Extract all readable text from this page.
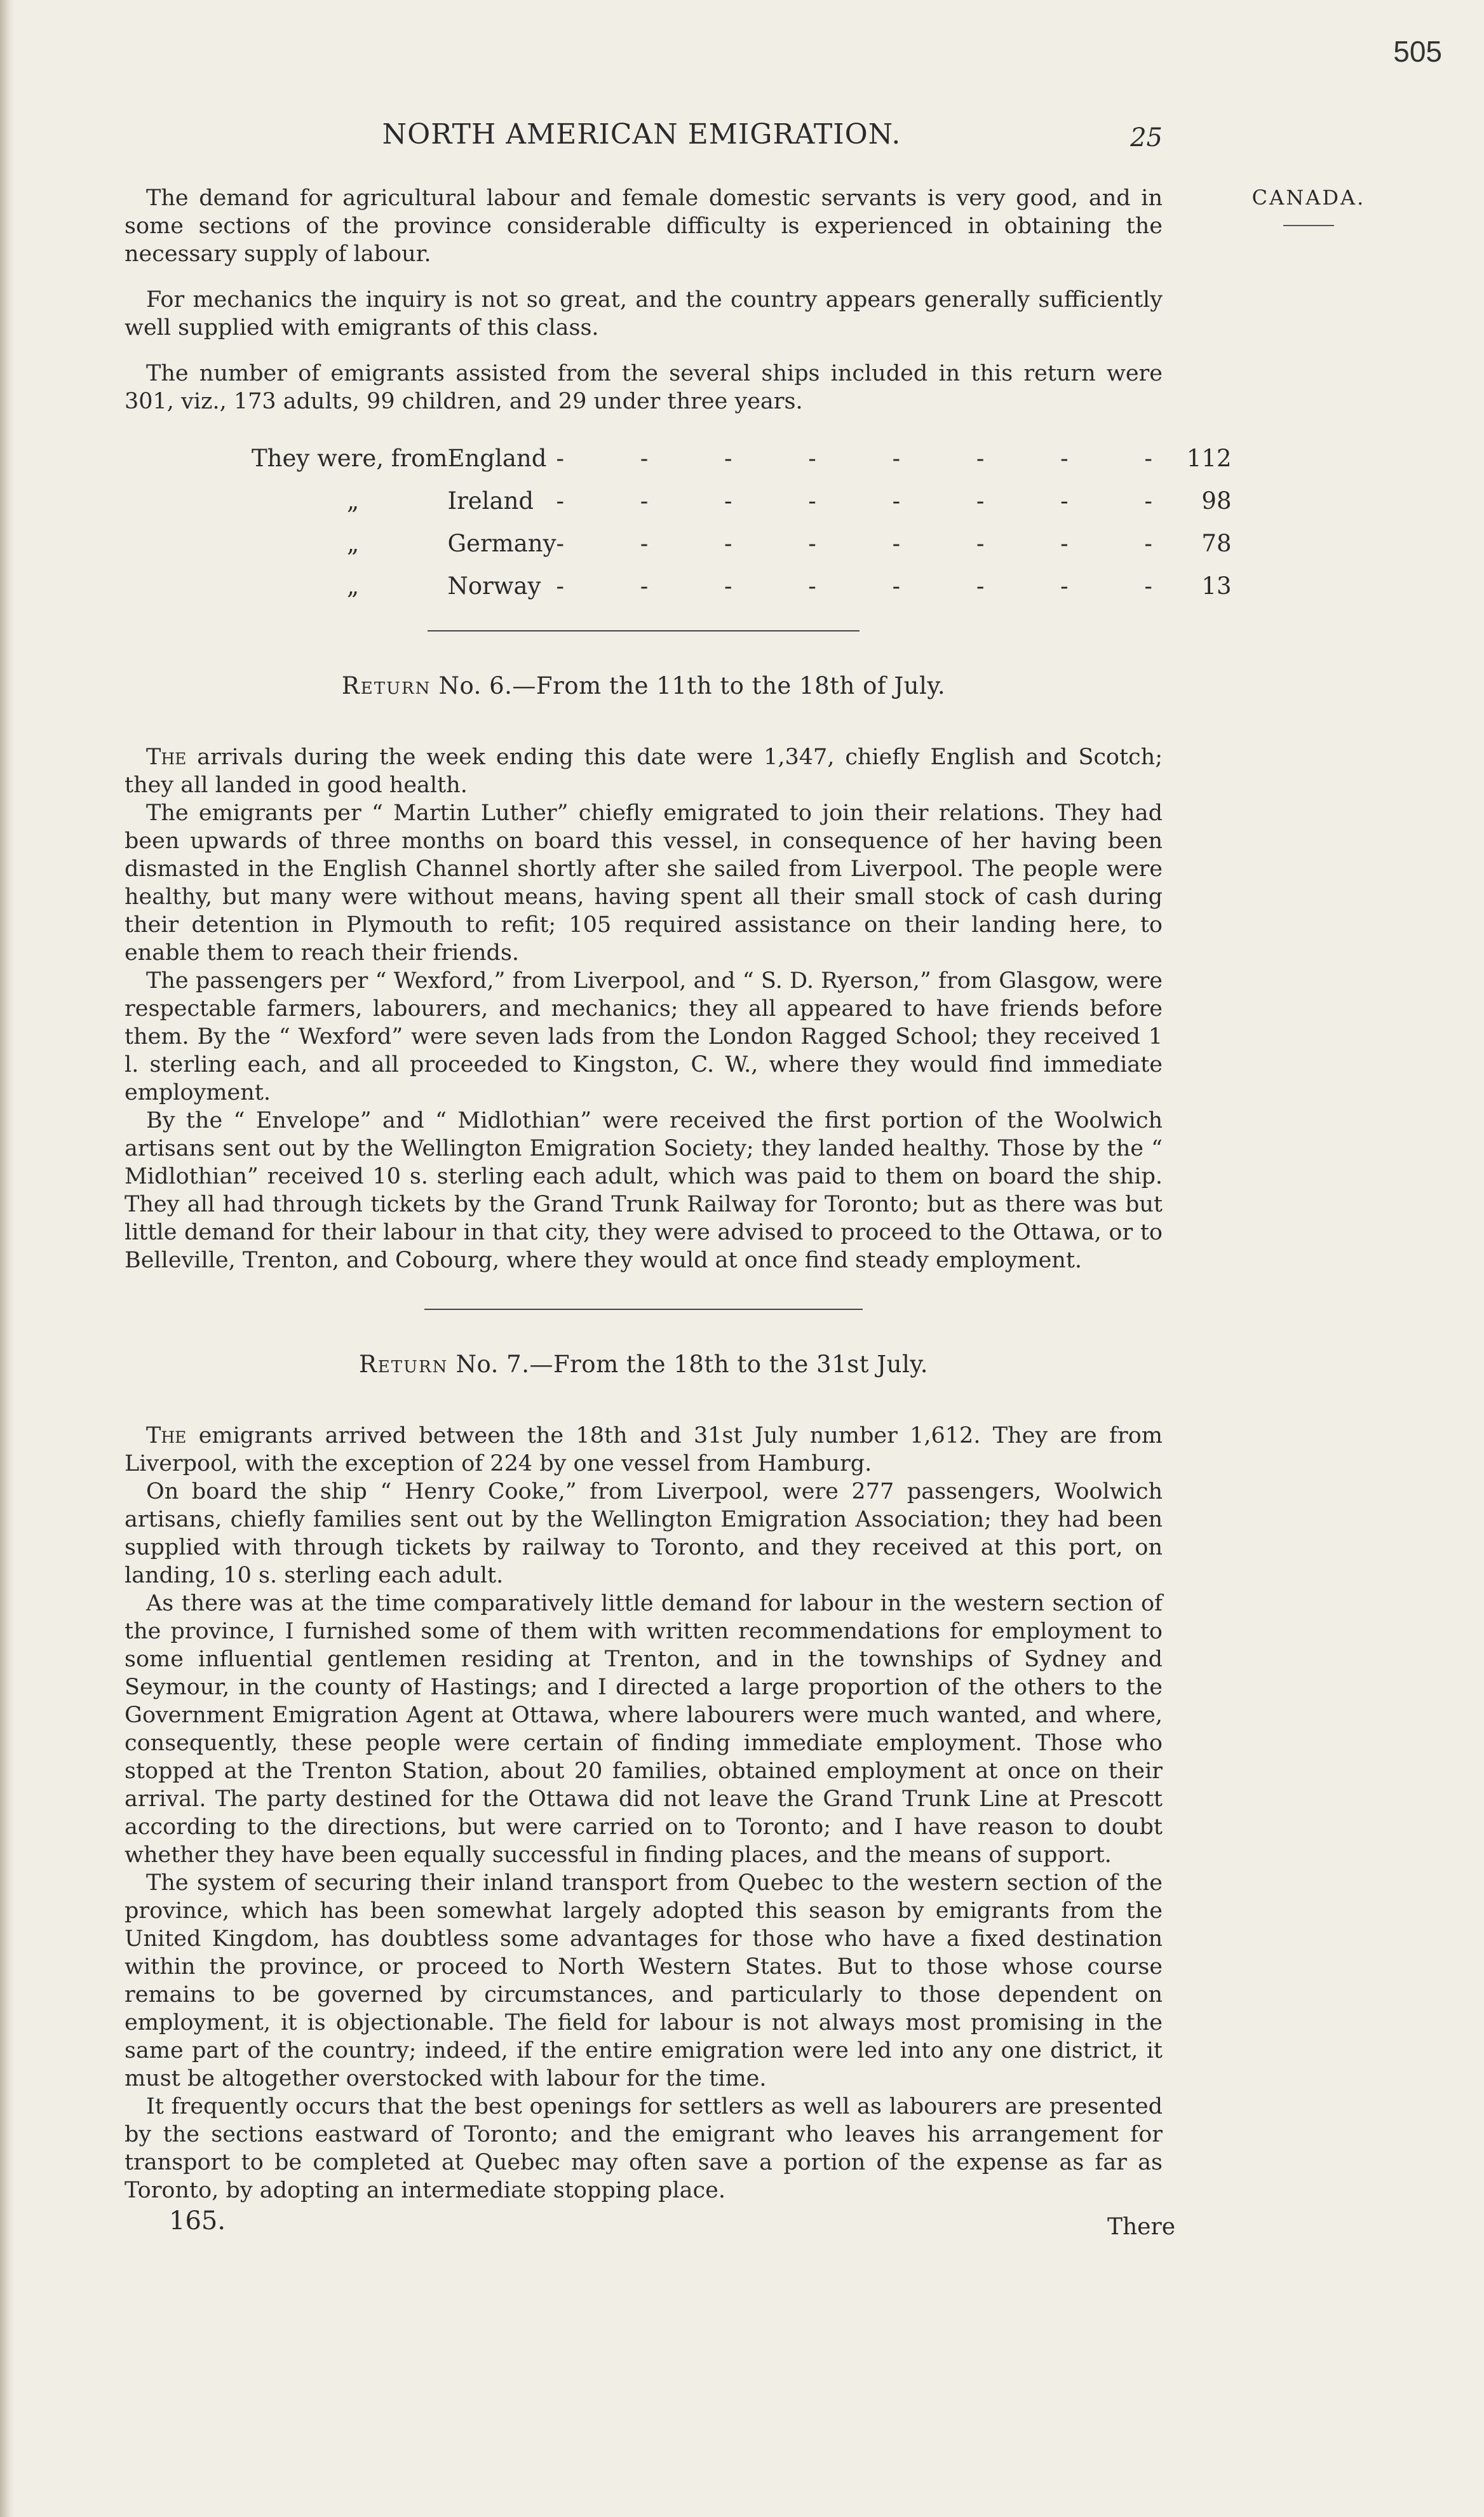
505
NORTH AMERICAN EMIGRATION.	25
CANADA.

The demand for agricultural labour and female domestic servants is very good, and in some sections of the province considerable difficulty is experienced in obtaining the necessary supply of labour.

For mechanics the inquiry is not so great, and the country appears generally sufficiently well supplied with emigrants of this class.

The number of emigrants assisted from the several ships included in this return were 301, viz., 173 adults, 99 children, and 29 under three years.

They were, from	England	- - - - - - - -	112
„	Ireland	- - - - - - - -	98
„	Germany	- - - - - - - -	78
„	Norway	- - - - - - - -	13
Return No. 6.—From the 11th to the 18th of July.

The arrivals during the week ending this date were 1,347, chiefly English and Scotch; they all landed in good health.

The emigrants per “ Martin Luther” chiefly emigrated to join their relations. They had been upwards of three months on board this vessel, in consequence of her having been dismasted in the English Channel shortly after she sailed from Liverpool. The people were healthy, but many were without means, having spent all their small stock of cash during their detention in Plymouth to refit; 105 required assistance on their landing here, to enable them to reach their friends.

The passengers per “ Wexford,” from Liverpool, and “ S. D. Ryerson,” from Glasgow, were respectable farmers, labourers, and mechanics; they all appeared to have friends before them. By the “ Wexford” were seven lads from the London Ragged School; they received 1 l. sterling each, and all proceeded to Kingston, C. W., where they would find immediate employment.

By the “ Envelope” and “ Midlothian” were received the first portion of the Woolwich artisans sent out by the Wellington Emigration Society; they landed healthy. Those by the “ Midlothian” received 10 s. sterling each adult, which was paid to them on board the ship. They all had through tickets by the Grand Trunk Railway for Toronto; but as there was but little demand for their labour in that city, they were advised to proceed to the Ottawa, or to Belleville, Trenton, and Cobourg, where they would at once find steady employment.

Return No. 7.—From the 18th to the 31st July.

The emigrants arrived between the 18th and 31st July number 1,612. They are from Liverpool, with the exception of 224 by one vessel from Hamburg.

On board the ship “ Henry Cooke,” from Liverpool, were 277 passengers, Woolwich artisans, chiefly families sent out by the Wellington Emigration Association; they had been supplied with through tickets by railway to Toronto, and they received at this port, on landing, 10 s. sterling each adult.

As there was at the time comparatively little demand for labour in the western section of the province, I furnished some of them with written recommendations for employment to some influential gentlemen residing at Trenton, and in the townships of Sydney and Seymour, in the county of Hastings; and I directed a large proportion of the others to the Government Emigration Agent at Ottawa, where labourers were much wanted, and where, consequently, these people were certain of finding immediate employment. Those who stopped at the Trenton Station, about 20 families, obtained employment at once on their arrival. The party destined for the Ottawa did not leave the Grand Trunk Line at Prescott according to the directions, but were carried on to Toronto; and I have reason to doubt whether they have been equally successful in finding places, and the means of support.

The system of securing their inland transport from Quebec to the western section of the province, which has been somewhat largely adopted this season by emigrants from the United Kingdom, has doubtless some advantages for those who have a fixed destination within the province, or proceed to North Western States. But to those whose course remains to be governed by circumstances, and particularly to those dependent on employment, it is objectionable. The field for labour is not always most promising in the same part of the country; indeed, if the entire emigration were led into any one district, it must be altogether overstocked with labour for the time.

It frequently occurs that the best openings for settlers as well as labourers are presented by the sections eastward of Toronto; and the emigrant who leaves his arrangement for transport to be completed at Quebec may often save a portion of the expense as far as Toronto, by adopting an intermediate stopping place.

165.	There
